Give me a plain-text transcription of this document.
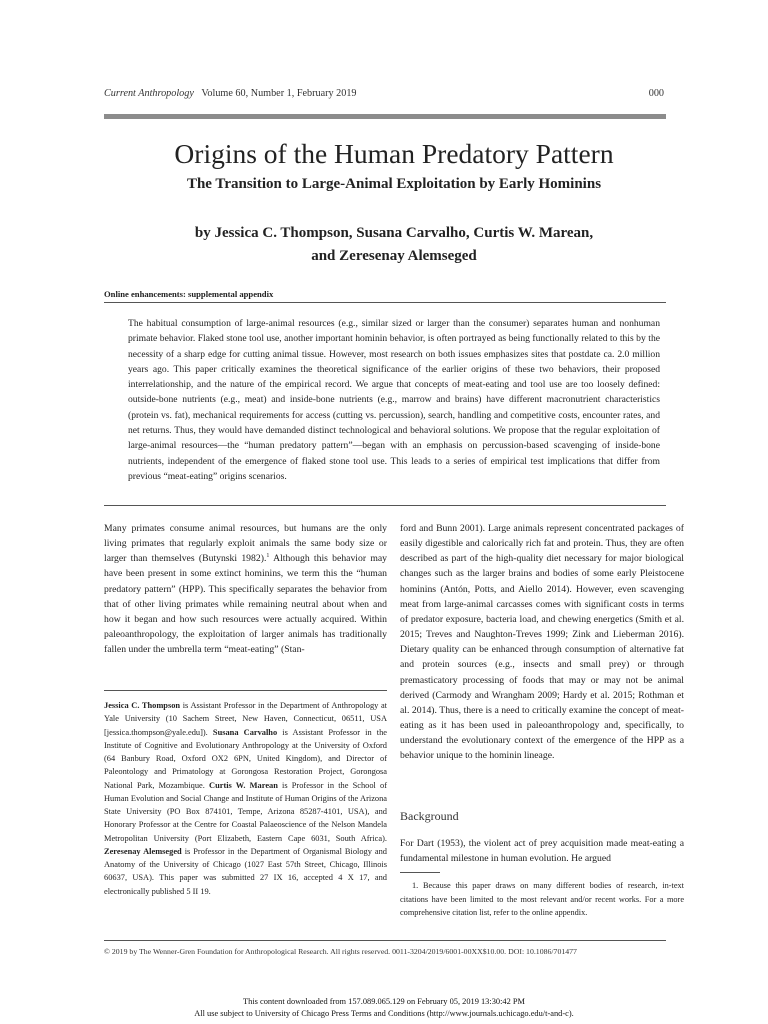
Current Anthropology Volume 60, Number 1, February 2019	000
Origins of the Human Predatory Pattern
The Transition to Large-Animal Exploitation by Early Hominins
by Jessica C. Thompson, Susana Carvalho, Curtis W. Marean,
and Zeresenay Alemseged
Online enhancements: supplemental appendix
The habitual consumption of large-animal resources (e.g., similar sized or larger than the consumer) separates human and nonhuman primate behavior. Flaked stone tool use, another important hominin behavior, is often portrayed as being functionally related to this by the necessity of a sharp edge for cutting animal tissue. However, most research on both issues emphasizes sites that postdate ca. 2.0 million years ago. This paper critically examines the theoretical significance of the earlier origins of these two behaviors, their proposed interrelationship, and the nature of the empirical record. We argue that concepts of meat-eating and tool use are too loosely defined: outside-bone nutrients (e.g., meat) and inside-bone nutrients (e.g., marrow and brains) have different macronutrient characteristics (protein vs. fat), mechanical requirements for access (cutting vs. percussion), search, handling and competitive costs, encounter rates, and net returns. Thus, they would have demanded distinct technological and behavioral solutions. We propose that the regular exploitation of large-animal resources—the “human predatory pattern”—began with an emphasis on percussion-based scavenging of inside-bone nutrients, independent of the emergence of flaked stone tool use. This leads to a series of empirical test implications that differ from previous “meat-eating” origins scenarios.
Many primates consume animal resources, but humans are the only living primates that regularly exploit animals the same body size or larger than themselves (Butynski 1982).$^1$ Although this behavior may have been present in some extinct hominins, we term this the “human predatory pattern” (HPP). This specifically separates the behavior from that of other living primates while remaining neutral about when and how it began and how such resources were actually acquired. Within paleoanthropology, the exploitation of larger animals has traditionally fallen under the umbrella term “meat-eating” (Stan-
Jessica C. Thompson is Assistant Professor in the Department of Anthropology at Yale University (10 Sachem Street, New Haven, Connecticut, 06511, USA [jessica.thompson@yale.edu]). Susana Carvalho is Assistant Professor in the Institute of Cognitive and Evolutionary Anthropology at the University of Oxford (64 Banbury Road, Oxford OX2 6PN, United Kingdom), and Director of Paleontology and Primatology at Gorongosa Restoration Project, Gorongosa National Park, Mozambique. Curtis W. Marean is Professor in the School of Human Evolution and Social Change and Institute of Human Origins of the Arizona State University (PO Box 874101, Tempe, Arizona 85287-4101, USA), and Honorary Professor at the Centre for Coastal Palaeoscience of the Nelson Mandela Metropolitan University (Port Elizabeth, Eastern Cape 6031, South Africa). Zeresenay Alemseged is Professor in the Department of Organismal Biology and Anatomy of the University of Chicago (1027 East 57th Street, Chicago, Illinois 60637, USA). This paper was submitted 27 IX 16, accepted 4 X 17, and electronically published 5 II 19.
ford and Bunn 2001). Large animals represent concentrated packages of easily digestible and calorically rich fat and protein. Thus, they are often described as part of the high-quality diet necessary for major biological changes such as the larger brains and bodies of some early Pleistocene hominins (Antón, Potts, and Aiello 2014). However, even scavenging meat from large-animal carcasses comes with significant costs in terms of predator exposure, bacteria load, and chewing energetics (Smith et al. 2015; Treves and Naughton-Treves 1999; Zink and Lieberman 2016). Dietary quality can be enhanced through consumption of alternative fat and protein sources (e.g., insects and small prey) or through premasticatory processing of foods that may or may not be animal derived (Carmody and Wrangham 2009; Hardy et al. 2015; Rothman et al. 2014). Thus, there is a need to critically examine the concept of meat-eating as it has been used in paleoanthropology and, specifically, to understand the evolutionary context of the emergence of the HPP as a behavior unique to the hominin lineage.
Background
For Dart (1953), the violent act of prey acquisition made meat-eating a fundamental milestone in human evolution. He argued
1. Because this paper draws on many different bodies of research, in-text citations have been limited to the most relevant and/or recent works. For a more comprehensive citation list, refer to the online appendix.
© 2019 by The Wenner-Gren Foundation for Anthropological Research. All rights reserved. 0011-3204/2019/6001-00XX$10.00. DOI: 10.1086/701477
This content downloaded from 157.089.065.129 on February 05, 2019 13:30:42 PM
All use subject to University of Chicago Press Terms and Conditions (http://www.journals.uchicago.edu/t-and-c).
